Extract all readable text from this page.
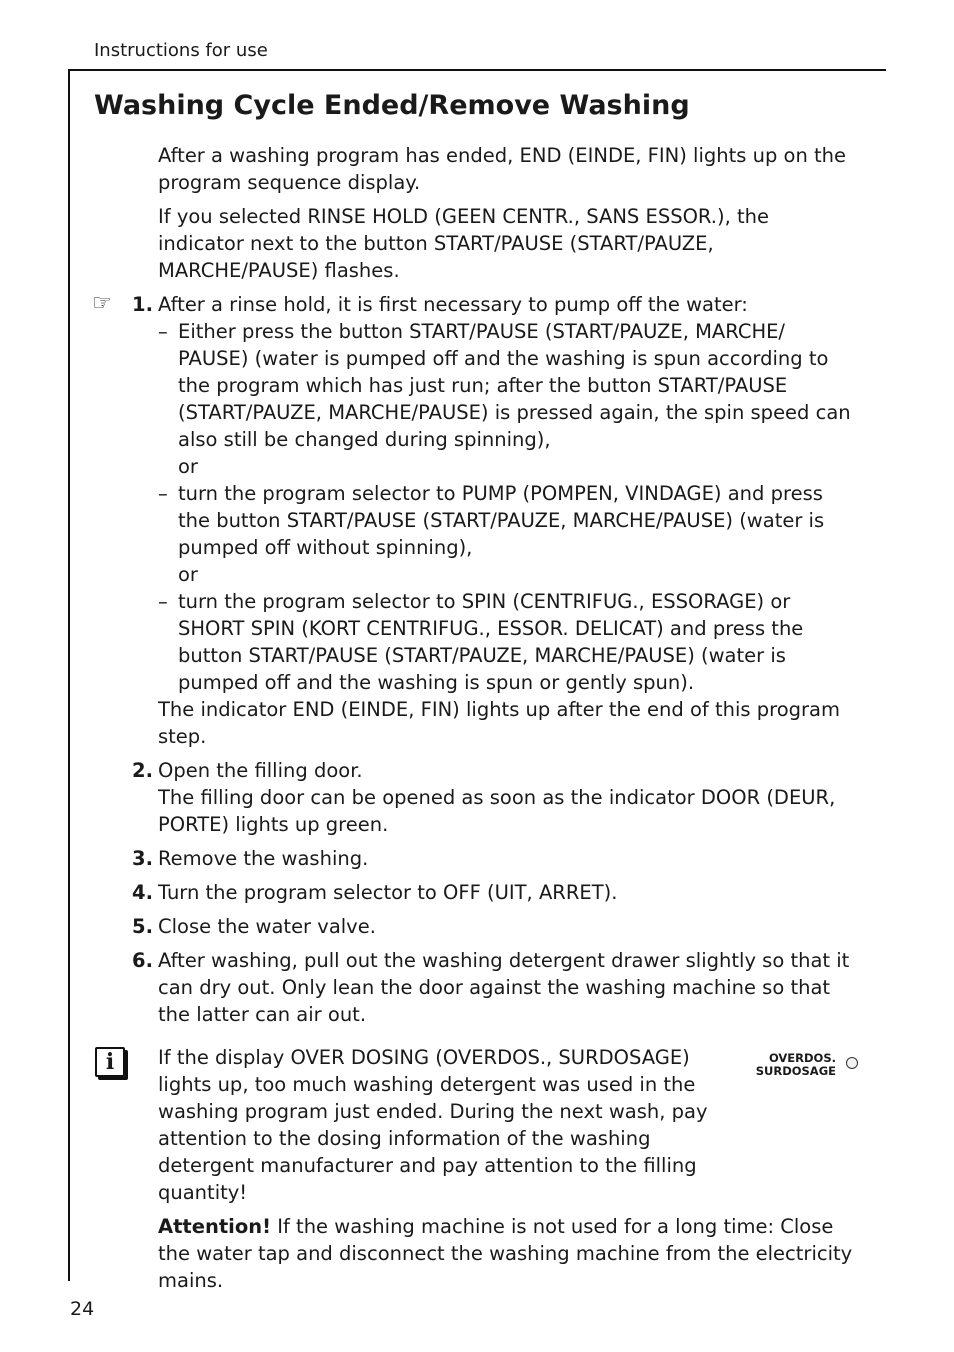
Instructions for use
Washing Cycle Ended/Remove Washing

After a washing program has ended, END (EINDE, FIN) lights up on the program sequence display.

If you selected RINSE HOLD (GEEN CENTR., SANS ESSOR.), the indicator next to the button START/PAUSE (START/PAUZE, MARCHE/PAUSE) flashes.

☞ 1. After a rinse hold, it is first necessary to pump off the water:

– Either press the button START/PAUSE (START/PAUZE, MARCHE/ PAUSE) (water is pumped off and the washing is spun according to the program which has just run; after the button START/PAUSE (START/PAUZE, MARCHE/PAUSE) is pressed again, the spin speed can also still be changed during spinning),
or
– turn the program selector to PUMP (POMPEN, VINDAGE) and press the button START/PAUSE (START/PAUZE, MARCHE/PAUSE) (water is pumped off without spinning),
or
– turn the program selector to SPIN (CENTRIFUG., ESSORAGE) or SHORT SPIN (KORT CENTRIFUG., ESSOR. DELICAT) and press the button START/PAUSE (START/PAUZE, MARCHE/PAUSE) (water is pumped off and the washing is spun or gently spun).

The indicator END (EINDE, FIN) lights up after the end of this program step.

2. Open the filling door.

The filling door can be opened as soon as the indicator DOOR (DEUR, PORTE) lights up green.

3. Remove the washing.

4. Turn the program selector to OFF (UIT, ARRET).

5. Close the water valve.

6. After washing, pull out the washing detergent drawer slightly so that it can dry out. Only lean the door against the washing machine so that the latter can air out.

i	If the display OVER DOSING (OVERDOS., SURDOSAGE) lights up, too much washing detergent was used in the washing program just ended. During the next wash, pay attention to the dosing information of the washing detergent manufacturer and pay attention to the filling quantity!

OVERDOS.
SURDOSAGE

Attention! If the washing machine is not used for a long time: Close the water tap and disconnect the washing machine from the electricity mains.

24
